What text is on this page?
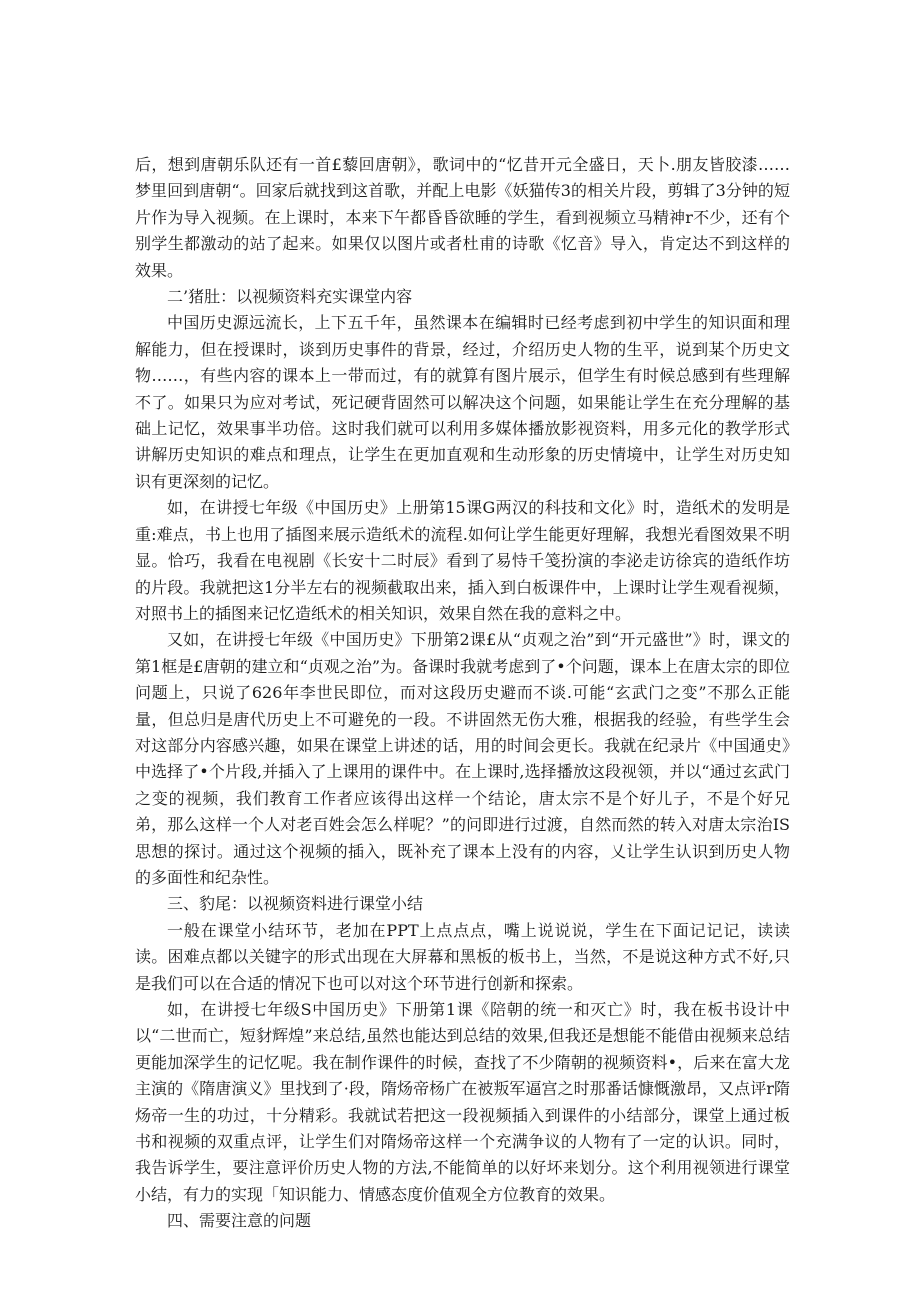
后，想到唐朝乐队还有一首£藜回唐朝》，歌词中的“忆昔开元全盛日，天卜.朋友皆胶漆……梦里回到唐朝“。回家后就找到这首歌，并配上电影《妖猫传3的相关片段，剪辑了3分钟的短片作为导入视频。在上课时，本来下午都昏昏欲睡的学生，看到视频立马精神r不少，还有个别学生都激动的站了起来。如果仅以图片或者杜甫的诗歌《忆音》导入，肯定达不到这样的效果。

二’猪肚：以视频资料充实课堂内容

中国历史源远流长，上下五千年，虽然课本在编辑时已经考虑到初中学生的知识面和理解能力，但在授课时，谈到历史事件的背景，经过，介绍历史人物的生平，说到某个历史文物……，有些内容的课本上一带而过，有的就算有图片展示，但学生有时候总感到有些理解不了。如果只为应对考试，死记硬背固然可以解决这个问题，如果能让学生在充分理解的基础上记忆，效果事半功倍。这时我们就可以利用多媒体播放影视资料，用多元化的教学形式讲解历史知识的难点和理点，让学生在更加直观和生动形象的历史情境中，让学生对历史知识有更深刻的记忆。

如，在讲授七年级《中国历史》上册第15课G两汉的科技和文化》时，造纸术的发明是重:难点，书上也用了插图来展示造纸术的流程.如何让学生能更好理解，我想光看图效果不明显。恰巧，我看在电视剧《长安十二时辰》看到了易恃千笺扮演的李泌走访徐宾的造纸作坊的片段。我就把这1分半左右的视频截取出来，插入到白板课件中，上课时让学生观看视频，对照书上的插图来记忆造纸术的相关知识，效果自然在我的意料之中。

又如，在讲授七年级《中国历史》下册第2课£从“贞观之治”到“开元盛世”》时，课文的第1框是£唐朝的建立和“贞观之治”为。备课时我就考虑到了•个问题，课本上在唐太宗的即位问题上，只说了626年李世民即位，而对这段历史避而不谈.可能“玄武门之变”不那么正能量，但总归是唐代历史上不可避免的一段。不讲固然无伤大雅，根据我的经验，有些学生会对这部分内容感兴趣，如果在课堂上讲述的话，用的时间会更长。我就在纪录片《中国通史》中选择了•个片段,并插入了上课用的课件中。在上课时,选择播放这段视领，并以“通过玄武门之变的视频，我们教育工作者应该得出这样一个结论，唐太宗不是个好儿子，不是个好兄弟，那么这样一个人对老百姓会怎么样呢？”的问即进行过渡，自然而然的转入对唐太宗治IS思想的探讨。通过这个视频的插入，既补充了课本上没有的内容，乂让学生认识到历史人物的多面性和纪杂性。

三、豹尾：以视频资料进行课堂小结

一般在课堂小结环节，老加在PPT上点点点，嘴上说说说，学生在下面记记记，读读读。困难点都以关键字的形式出现在大屏幕和黑板的板书上，当然，不是说这种方式不好,只是我们可以在合适的情况下也可以对这个环节进行创新和探索。

如，在讲授七年级S中国历史》下册第1课《陪朝的统一和灭亡》时，我在板书设计中以“二世而亡，短豺辉煌”来总结,虽然也能达到总结的效果,但我还是想能不能借由视频来总结更能加深学生的记忆呢。我在制作课件的时候，查找了不少隋朝的视频资料•，后来在富大龙主演的《隋唐演义》里找到了·段，隋炀帝杨广在被叛军逼宫之时那番话慷慨激昂，又点评r隋炀帝一生的功过，十分精彩。我就试若把这一段视频插入到课件的小结部分，课堂上通过板书和视频的双重点评，让学生们对隋炀帝这样一个充满争议的人物有了一定的认识。同时，我告诉学生，要注意评价历史人物的方法,不能简单的以好坏来划分。这个利用视领进行课堂小结，有力的实现「知识能力、情感态度价值观全方位教育的效果。

四、需要注意的问题
